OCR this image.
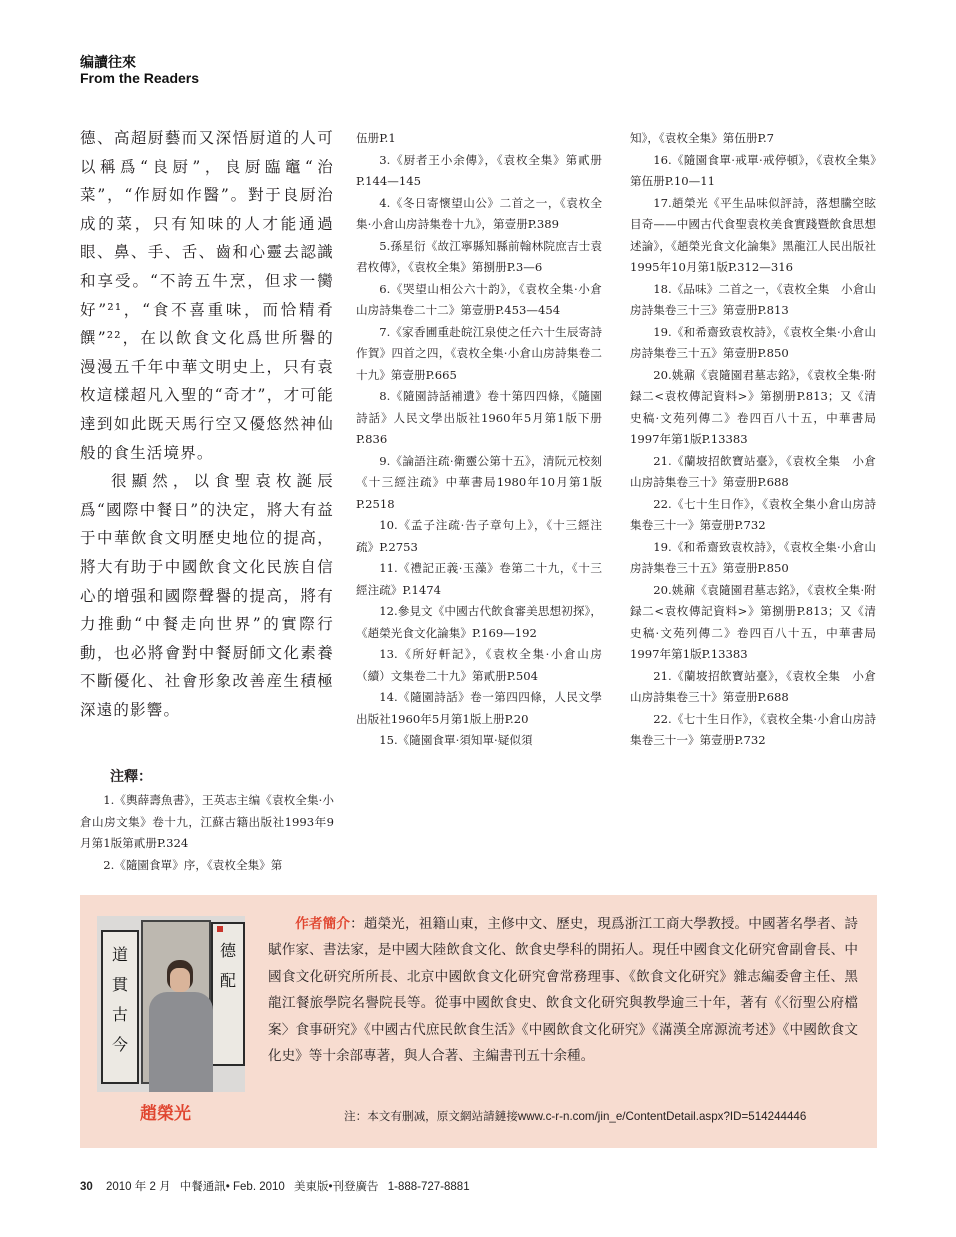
编讀往來
From the Readers

德、高超厨藝而又深悟厨道的人可以稱爲“良厨”，良厨臨竈“治菜”，“作厨如作醫”。對于良厨治成的菜，只有知味的人才能通過眼、鼻、手、舌、齒和心靈去認識和享受。“不誇五牛烹，但求一臠好”²¹，“食不喜重味，而恰精肴饌”²²，在以飲食文化爲世所譽的漫漫五千年中華文明史上，只有袁枚這樣超凡入聖的“奇才”，才可能達到如此既天馬行空又優悠然神仙般的食生活境界。

很顯然，以食聖袁枚誕辰爲“國際中餐日”的決定，將大有益于中華飲食文明歷史地位的提高，將大有助于中國飲食文化民族自信心的增强和國際聲譽的提高，將有力推動“中餐走向世界”的實際行動，也必將會對中餐厨師文化素養不斷優化、社會形象改善産生積極深遠的影響。

注釋：

1.《輿薛壽魚書》，王英志主编《袁枚全集·小倉山房文集》卷十九，江蘇古籍出版社1993年9月第1版第貳册P.324

2.《隨園食單》序，《袁枚全集》第

伍册P.1

3.《厨者王小余傳》，《袁枚全集》第貳册P.144—145

4.《冬日寄懷望山公》二首之一，《袁枚全集·小倉山房詩集卷十九》，第壹册P.389

5.孫星衍《故江寧縣知縣前翰林院庶吉士袁君枚傳》，《袁枚全集》第捌册P.3—6

6.《哭望山相公六十韵》，《袁枚全集·小倉山房詩集卷二十二》第壹册P.453—454

7.《家香圃重赴皖江泉使之任六十生辰寄詩作賀》四首之四，《袁枚全集·小倉山房詩集卷二十九》第壹册P.665

8.《隨園詩話補遺》卷十第四四條，《隨園詩話》人民文學出版社1960年5月第1版下册P.836

9.《論語注疏·衛靈公第十五》，清阮元校刻《十三經注疏》中華書局1980年10月第1版P.2518

10.《孟子注疏·告子章句上》，《十三經注疏》P.2753

11.《禮記正義·玉藻》卷第二十九，《十三經注疏》P.1474

12.參見文《中國古代飲食審美思想初探》，《趙榮光食文化論集》P.169—192

13.《所好軒記》，《袁枚全集·小倉山房（續）文集卷二十九》第貳册P.504

14.《隨園詩話》卷一第四四條，人民文學出版社1960年5月第1版上册P.20

15.《隨園食單·須知單·疑似須

知》，《袁枚全集》第伍册P.7

16.《隨園食單·戒單·戒停頓》，《袁枚全集》第伍册P.10—11

17.趙榮光《平生品味似評詩，落想騰空眩目奇——中國古代食聖袁枚美食實踐暨飲食思想述論》，《趙榮光食文化論集》黑龍江人民出版社1995年10月第1版P.312—316

18.《品味》二首之一，《袁枚全集　小倉山房詩集卷三十三》第壹册P.813

19.《和希齋致袁枚詩》，《袁枚全集·小倉山房詩集卷三十五》第壹册P.850

20.姚鼐《袁隨園君墓志銘》，《袁枚全集·附録二<袁枚傳記資料>》第捌册P.813；又《清史稿·文苑列傳二》卷四百八十五，中華書局1997年第1版P.13383

21.《蘭坡招飲寶站臺》，《袁枚全集　小倉山房詩集卷三十》第壹册P.688

22.《七十生日作》，《袁枚全集小倉山房詩集卷三十一》第壹册P.732

19.《和希齋致袁枚詩》，《袁枚全集·小倉山房詩集卷三十五》第壹册P.850

20.姚鼐《袁隨園君墓志銘》，《袁枚全集·附録二<袁枚傳記資料>》第捌册P.813；又《清史稿·文苑列傳二》卷四百八十五，中華書局1997年第1版P.13383

21.《蘭坡招飲寶站臺》，《袁枚全集　小倉山房詩集卷三十》第壹册P.688

22.《七十生日作》，《袁枚全集·小倉山房詩集卷三十一》第壹册P.732

道
貫
古
今
德
配
趙榮光

作者簡介：趙榮光，祖籍山東，主修中文、歷史，現爲浙江工商大學教授。中國著名學者、詩賦作家、書法家，是中國大陸飲食文化、飲食史學科的開拓人。現任中國食文化研究會副會長、中國食文化研究所所長、北京中國飲食文化研究會常務理事、《飲食文化研究》雜志編委會主任、黑龍江餐旅學院名譽院長等。從事中國飲食史、飲食文化研究與教學逾三十年，著有《〈衍聖公府檔案〉食事研究》《中國古代庶民飲食生活》《中國飲食文化研究》《滿漢全席源流考述》《中國飲食文化史》等十余部專著，與人合著、主編書刊五十余種。

注：本文有删减，原文網站請鏈接www.c-r-n.com/jin_e/ContentDetail.aspx?ID=514244446
30 2010 年 2 月 中餐通訊• Feb. 2010 美東版•刊登廣告 1-888-727-8881
